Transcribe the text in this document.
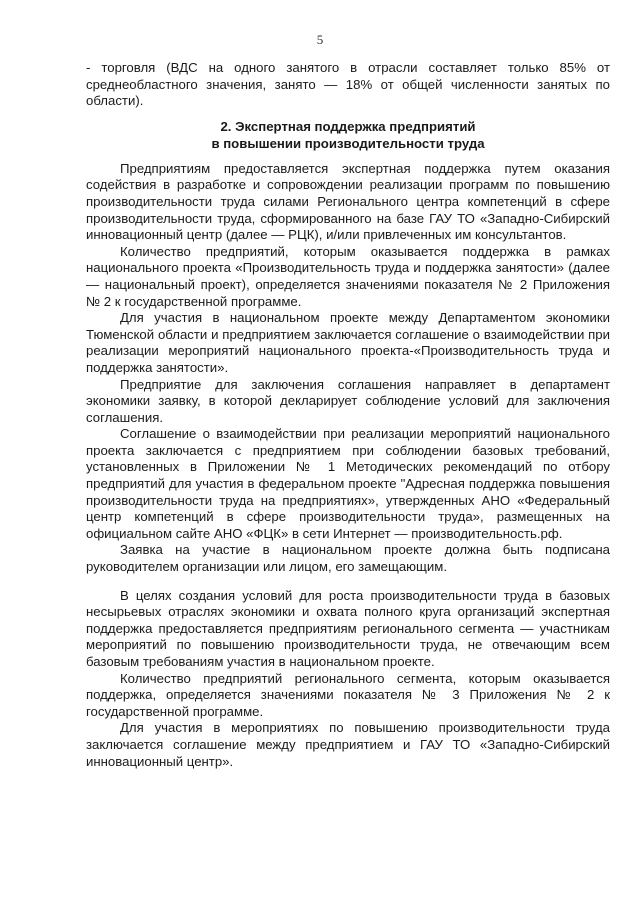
5

- торговля (ВДС на одного занятого в отрасли составляет только 85% от среднеобластного значения, занято — 18% от общей численности занятых по области).

2. Экспертная поддержка предприятий
в повышении производительности труда

Предприятиям предоставляется экспертная поддержка путем оказания содействия в разработке и сопровождении реализации программ по повышению производительности труда силами Регионального центра компетенций в сфере производительности труда, сформированного на базе ГАУ ТО «Западно-Сибирский инновационный центр (далее — РЦК), и/или привлеченных им консультантов.

Количество предприятий, которым оказывается поддержка в рамках национального проекта «Производительность труда и поддержка занятости» (далее — национальный проект), определяется значениями показателя № 2 Приложения № 2 к государственной программе.

Для участия в национальном проекте между Департаментом экономики Тюменской области и предприятием заключается соглашение о взаимодействии при реализации мероприятий национального проекта-«Производительность труда и поддержка занятости».

Предприятие для заключения соглашения направляет в департамент экономики заявку, в которой декларирует соблюдение условий для заключения соглашения.

Соглашение о взаимодействии при реализации мероприятий национального проекта заключается с предприятием при соблюдении базовых требований, установленных в Приложении № 1 Методических рекомендаций по отбору предприятий для участия в федеральном проекте "Адресная поддержка повышения производительности труда на предприятиях», утвержденных АНО «Федеральный центр компетенций в сфере производительности труда», размещенных на официальном сайте АНО «ФЦК» в сети Интернет — производительность.рф.

Заявка на участие в национальном проекте должна быть подписана руководителем организации или лицом, его замещающим.

В целях создания условий для роста производительности труда в базовых несырьевых отраслях экономики и охвата полного круга организаций экспертная поддержка предоставляется предприятиям регионального сегмента — участникам мероприятий по повышению производительности труда, не отвечающим всем базовым требованиям участия в национальном проекте.

Количество предприятий регионального сегмента, которым оказывается поддержка, определяется значениями показателя № 3 Приложения № 2 к государственной программе.

Для участия в мероприятиях по повышению производительности труда заключается соглашение между предприятием и ГАУ ТО «Западно-Сибирский инновационный центр».
